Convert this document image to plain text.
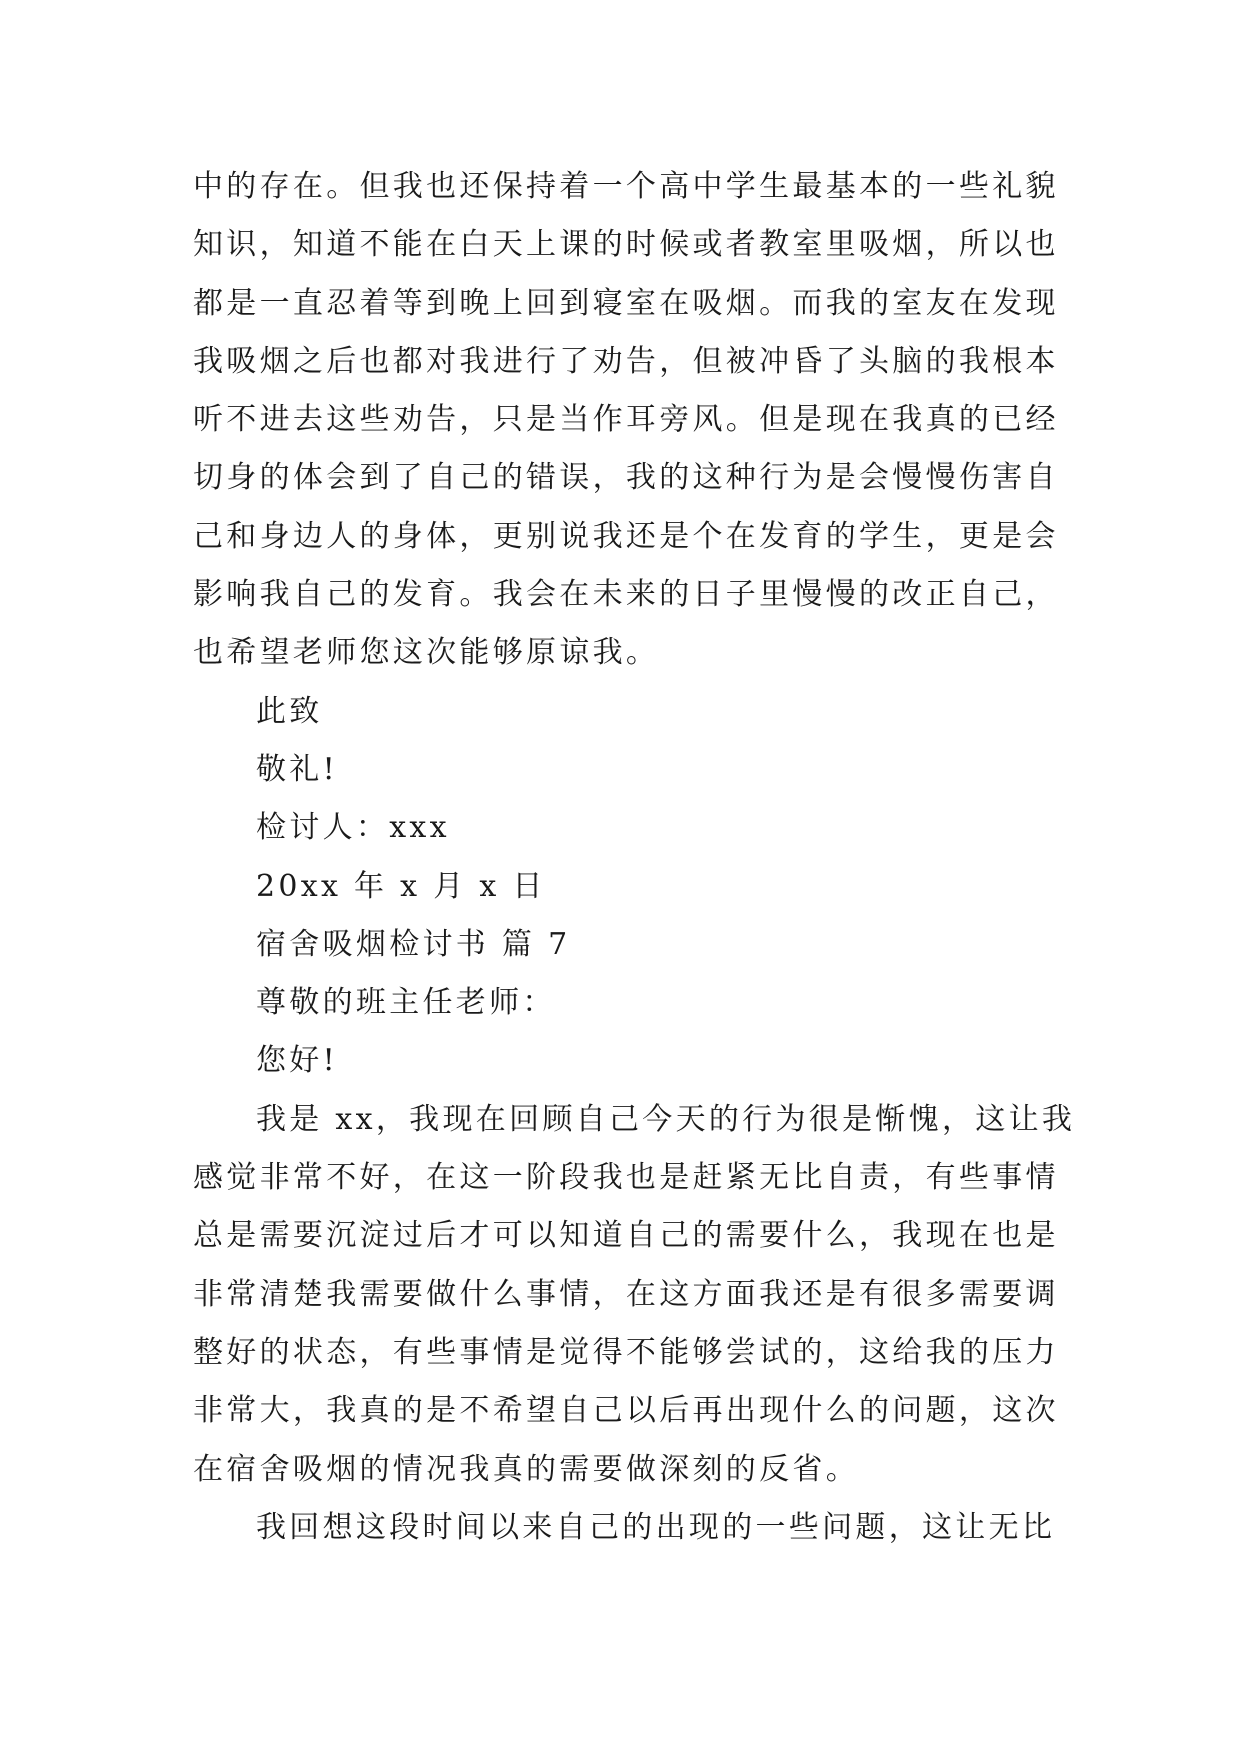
中的存在。但我也还保持着一个高中学生最基本的一些礼貌
知识，知道不能在白天上课的时候或者教室里吸烟，所以也
都是一直忍着等到晚上回到寝室在吸烟。而我的室友在发现
我吸烟之后也都对我进行了劝告，但被冲昏了头脑的我根本
听不进去这些劝告，只是当作耳旁风。但是现在我真的已经
切身的体会到了自己的错误，我的这种行为是会慢慢伤害自
己和身边人的身体，更别说我还是个在发育的学生，更是会
影响我自己的发育。我会在未来的日子里慢慢的改正自己，
也希望老师您这次能够原谅我。
此致
敬礼!
检讨人：xxx
20xx 年 x 月 x 日
宿舍吸烟检讨书 篇 7
尊敬的班主任老师：
您好!
我是 xx，我现在回顾自己今天的行为很是惭愧，这让我
感觉非常不好，在这一阶段我也是赶紧无比自责，有些事情
总是需要沉淀过后才可以知道自己的需要什么，我现在也是
非常清楚我需要做什么事情，在这方面我还是有很多需要调
整好的状态，有些事情是觉得不能够尝试的，这给我的压力
非常大，我真的是不希望自己以后再出现什么的问题，这次
在宿舍吸烟的情况我真的需要做深刻的反省。
我回想这段时间以来自己的出现的一些问题，这让无比
